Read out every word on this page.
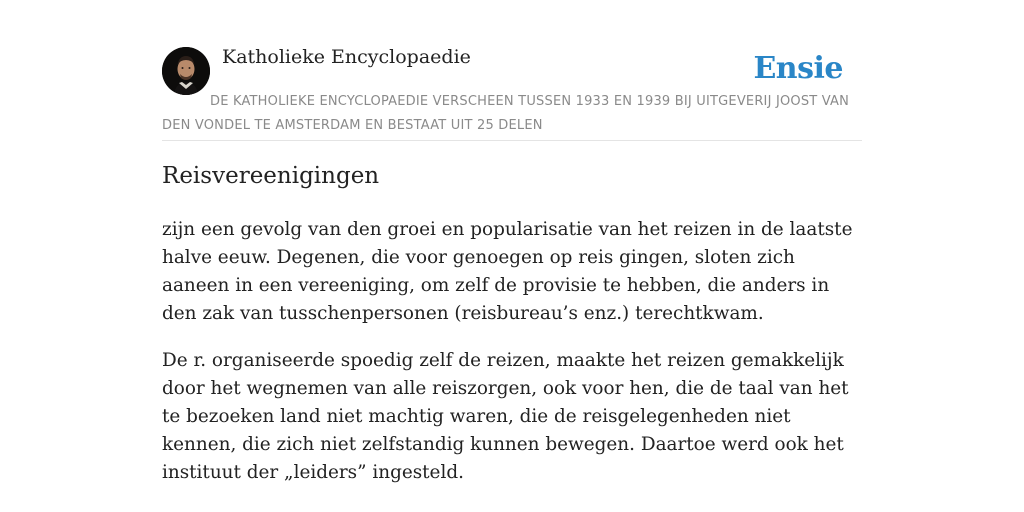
Katholieke Encyclopaedie	Ensie
DE KATHOLIEKE ENCYCLOPAEDIE VERSCHEEN TUSSEN 1933 EN 1939 BIJ UITGEVERIJ JOOST VAN DEN VONDEL TE AMSTERDAM EN BESTAAT UIT 25 DELEN
Reisvereenigingen

zijn een gevolg van den groei en popularisatie van het reizen in de laatste halve eeuw. Degenen, die voor genoegen op reis gingen, sloten zich aaneen in een vereeniging, om zelf de provisie te hebben, die anders in den zak van tusschenpersonen (reisbureau’s enz.) terechtkwam.

De r. organiseerde spoedig zelf de reizen, maakte het reizen gemakkelijk door het wegnemen van alle reiszorgen, ook voor hen, die de taal van het te bezoeken land niet machtig waren, die de reisgelegenheden niet kennen, die zich niet zelfstandig kunnen bewegen. Daartoe werd ook het instituut der „leiders” ingesteld.
